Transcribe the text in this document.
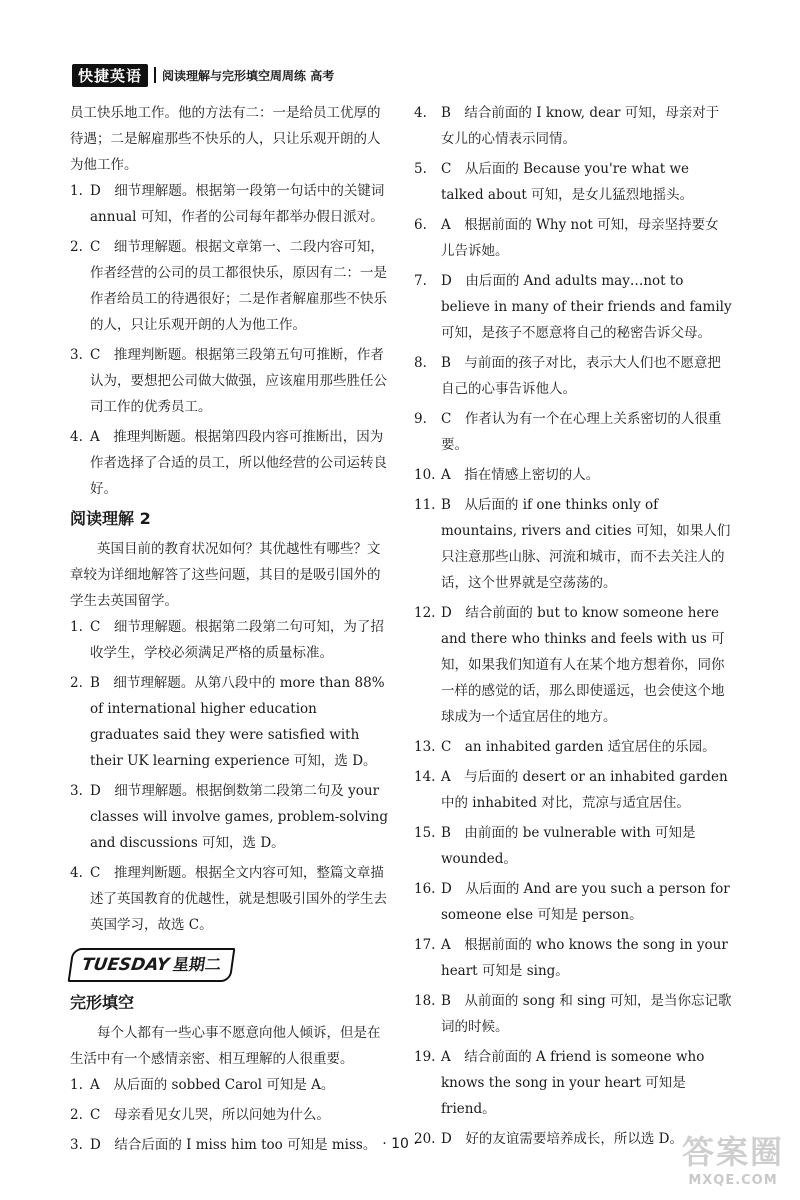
快捷英语	阅读理解与完形填空周周练 高考

员工快乐地工作。他的方法有二：一是给员工优厚的待遇；二是解雇那些不快乐的人，只让乐观开朗的人为他工作。

1. D　细节理解题。根据第一段第一句话中的关键词 annual 可知，作者的公司每年都举办假日派对。
2. C　细节理解题。根据文章第一、二段内容可知，作者经营的公司的员工都很快乐，原因有二：一是作者给员工的待遇很好；二是作者解雇那些不快乐的人，只让乐观开朗的人为他工作。
3. C　推理判断题。根据第三段第五句可推断，作者认为，要想把公司做大做强，应该雇用那些胜任公司工作的优秀员工。
4. A　推理判断题。根据第四段内容可推断出，因为作者选择了合适的员工，所以他经营的公司运转良好。
阅读理解 2

英国目前的教育状况如何？其优越性有哪些？文章较为详细地解答了这些问题，其目的是吸引国外的学生去英国留学。

1. C　细节理解题。根据第二段第二句可知，为了招收学生，学校必须满足严格的质量标准。
2. B　细节理解题。从第八段中的 more than 88% of international higher education graduates said they were satisfied with their UK learning experience 可知，选 D。
3. D　细节理解题。根据倒数第二段第二句及 your classes will involve games, problem-solving and discussions 可知，选 D。
4. C　推理判断题。根据全文内容可知，整篇文章描述了英国教育的优越性，就是想吸引国外的学生去英国学习，故选 C。
TUESDAY 星期二
完形填空

每个人都有一些心事不愿意向他人倾诉，但是在生活中有一个感情亲密、相互理解的人很重要。

1. A　从后面的 sobbed Carol 可知是 A。
2. C　母亲看见女儿哭，所以问她为什么。
3. D　结合后面的 I miss him too 可知是 miss。
4.	B　结合前面的 I know, dear 可知，母亲对于女儿的心情表示同情。
5.	C　从后面的 Because you're what we talked about 可知，是女儿猛烈地摇头。
6.	A　根据前面的 Why not 可知，母亲坚持要女儿告诉她。
7.	D　由后面的 And adults may…not to believe in many of their friends and family 可知，是孩子不愿意将自己的秘密告诉父母。
8.	B　与前面的孩子对比，表示大人们也不愿意把自己的心事告诉他人。
9.	C　作者认为有一个在心理上关系密切的人很重要。
10. A　指在情感上密切的人。
11. B　从后面的 if one thinks only of mountains, rivers and cities 可知，如果人们只注意那些山脉、河流和城市，而不去关注人的话，这个世界就是空荡荡的。
12. D　结合前面的 but to know someone here and there who thinks and feels with us 可知，如果我们知道有人在某个地方想着你，同你一样的感觉的话，那么即使遥远，也会使这个地球成为一个适宜居住的地方。
13. C　an inhabited garden 适宜居住的乐园。
14. A　与后面的 desert or an inhabited garden 中的 inhabited 对比，荒凉与适宜居住。
15. B　由前面的 be vulnerable with 可知是 wounded。
16. D　从后面的 And are you such a person for someone else 可知是 person。
17. A　根据前面的 who knows the song in your heart 可知是 sing。
18. B　从前面的 song 和 sing 可知，是当你忘记歌词的时候。
19. A　结合前面的 A friend is someone who knows the song in your heart 可知是 friend。
20. D　好的友谊需要培养成长，所以选 D。
· 10 ·	答案圈
MXQE.COM
